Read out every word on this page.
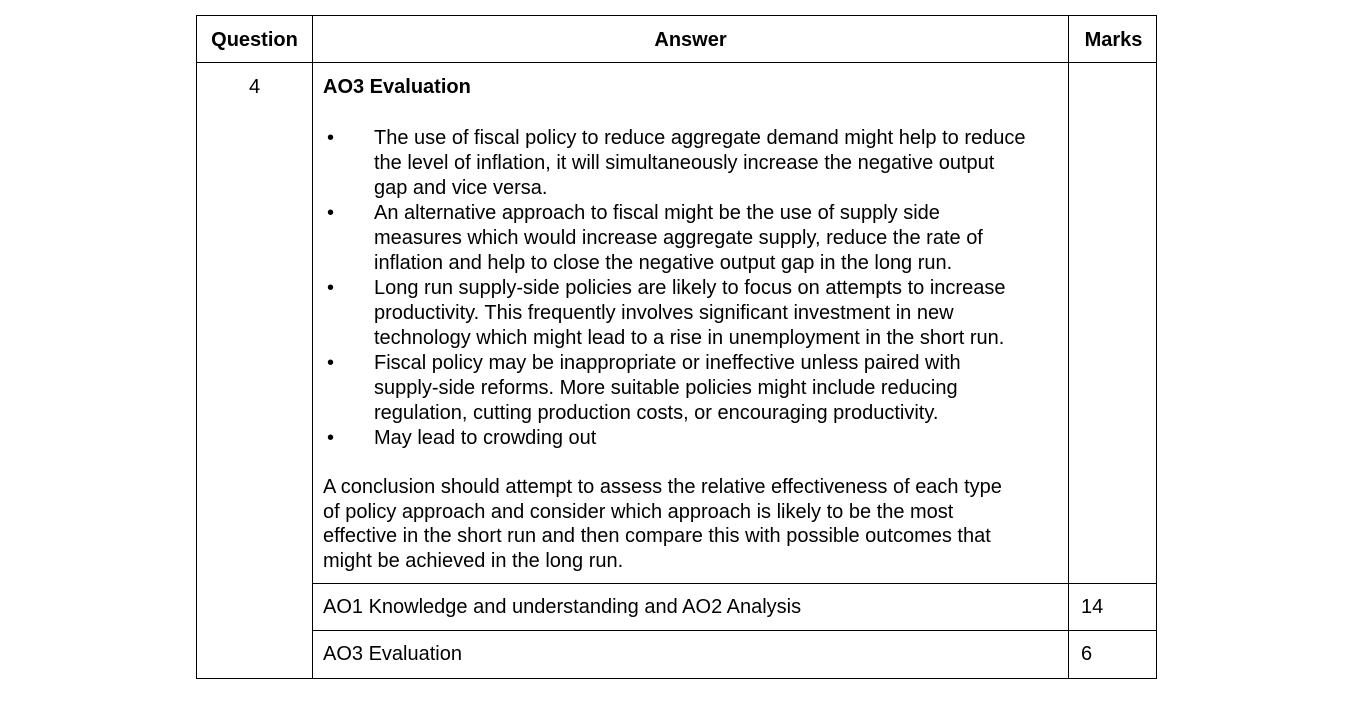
Question	Answer	Marks
4	AO3 Evaluation
• The use of fiscal policy to reduce aggregate demand might help to reduce
the level of inflation, it will simultaneously increase the negative output
gap and vice versa.
• An alternative approach to fiscal might be the use of supply side
measures which would increase aggregate supply, reduce the rate of
inflation and help to close the negative output gap in the long run.
• Long run supply-side policies are likely to focus on attempts to increase
productivity. This frequently involves significant investment in new
technology which might lead to a rise in unemployment in the short run.
• Fiscal policy may be inappropriate or ineffective unless paired with
supply-side reforms. More suitable policies might include reducing
regulation, cutting production costs, or encouraging productivity.
• May lead to crowding out
A conclusion should attempt to assess the relative effectiveness of each type
of policy approach and consider which approach is likely to be the most
effective in the short run and then compare this with possible outcomes that
might be achieved in the long run.
AO1 Knowledge and understanding and AO2 Analysis	14
AO3 Evaluation	6
